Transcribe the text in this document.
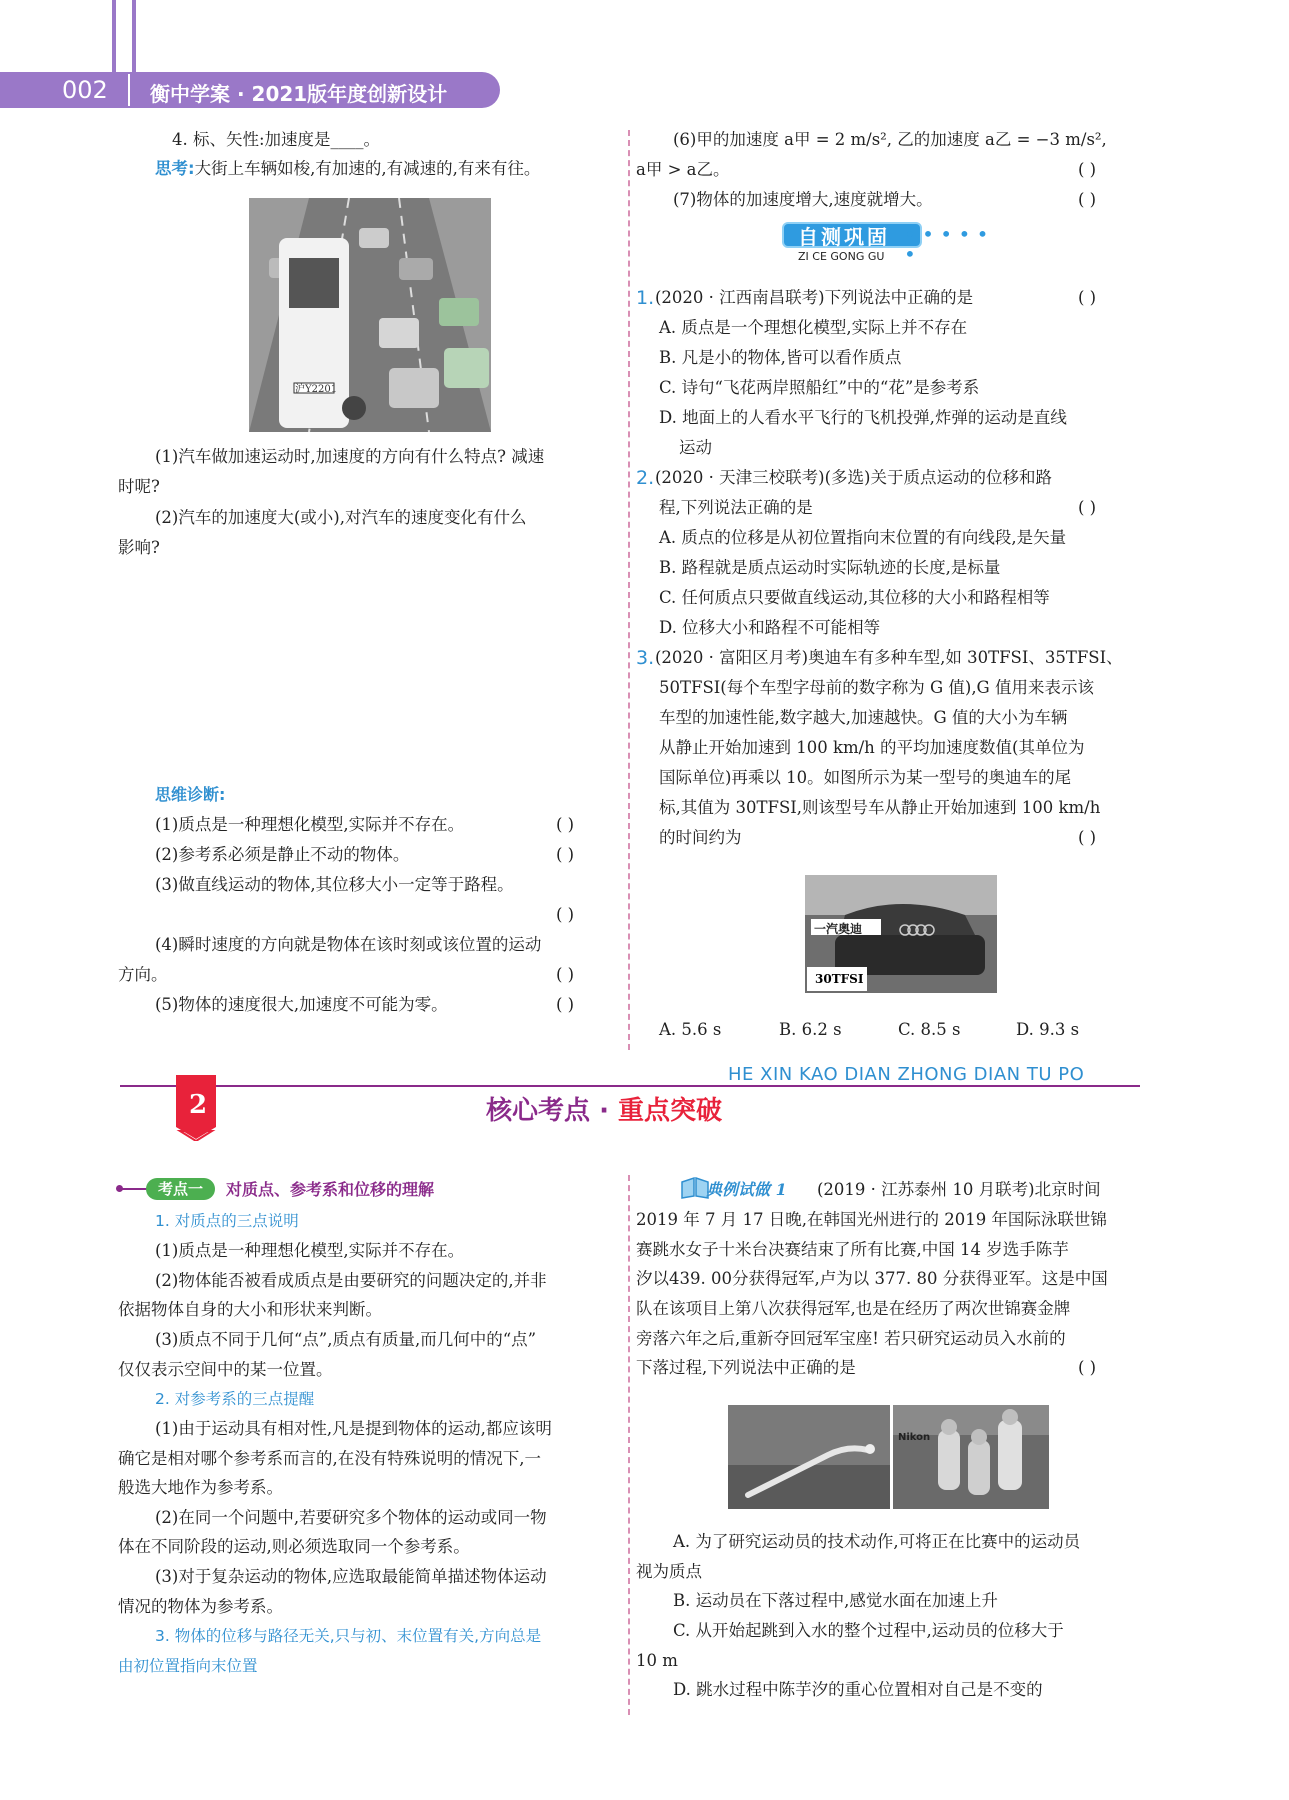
002 衡中学案 · 2021版年度创新设计
4. 标、矢性:加速度是____。
思考:大街上车辆如梭,有加速的,有减速的,有来有往。
沪Y2201
(1)汽车做加速运动时,加速度的方向有什么特点? 减速
时呢?
(2)汽车的加速度大(或小),对汽车的速度变化有什么
影响?
思维诊断:
(1)质点是一种理想化模型,实际并不存在。	( )
(2)参考系必须是静止不动的物体。	( )
(3)做直线运动的物体,其位移大小一定等于路程。
( )
(4)瞬时速度的方向就是物体在该时刻或该位置的运动
方向。	( )
(5)物体的速度很大,加速度不可能为零。	( )
(6)甲的加速度 a甲 = 2 m/s², 乙的加速度 a乙 = −3 m/s²,
a甲 > a乙。	( )
(7)物体的加速度增大,速度就增大。	( )
自测巩固 • • • • • •
ZI CE GONG GU
1. (2020 · 江西南昌联考)下列说法中正确的是	( )
A. 质点是一个理想化模型,实际上并不存在
B. 凡是小的物体,皆可以看作质点
C. 诗句“飞花两岸照船红”中的“花”是参考系
D. 地面上的人看水平飞行的飞机投弹,炸弹的运动是直线
运动
2. (2020 · 天津三校联考)(多选)关于质点运动的位移和路
程,下列说法正确的是	( )
A. 质点的位移是从初位置指向末位置的有向线段,是矢量
B. 路程就是质点运动时实际轨迹的长度,是标量
C. 任何质点只要做直线运动,其位移的大小和路程相等
D. 位移大小和路程不可能相等
3. (2020 · 富阳区月考)奥迪车有多种车型,如 30TFSI、35TFSI、
50TFSI(每个车型字母前的数字称为 G 值),G 值用来表示该
车型的加速性能,数字越大,加速越快。G 值的大小为车辆
从静止开始加速到 100 km/h 的平均加速度数值(其单位为
国际单位)再乘以 10。如图所示为某一型号的奥迪车的尾
标,其值为 30TFSI,则该型号车从静止开始加速到 100 km/h
的时间约为	( )
一汽奥迪
30TFSI
A. 5.6 s	B. 6.2 s	C. 8.5 s	D. 9.3 s
HE XIN KAO DIAN ZHONG DIAN TU PO
2	核心考点 · 重点突破
考点一	对质点、参考系和位移的理解
1. 对质点的三点说明
(1)质点是一种理想化模型,实际并不存在。
(2)物体能否被看成质点是由要研究的问题决定的,并非
依据物体自身的大小和形状来判断。
(3)质点不同于几何“点”,质点有质量,而几何中的“点”
仅仅表示空间中的某一位置。
2. 对参考系的三点提醒
(1)由于运动具有相对性,凡是提到物体的运动,都应该明
确它是相对哪个参考系而言的,在没有特殊说明的情况下,一
般选大地作为参考系。
(2)在同一个问题中,若要研究多个物体的运动或同一物
体在不同阶段的运动,则必须选取同一个参考系。
(3)对于复杂运动的物体,应选取最能简单描述物体运动
情况的物体为参考系。
3. 物体的位移与路径无关,只与初、末位置有关,方向总是
由初位置指向末位置
典例试做 1 (2019 · 江苏泰州 10 月联考)北京时间
2019 年 7 月 17 日晚,在韩国光州进行的 2019 年国际泳联世锦
赛跳水女子十米台决赛结束了所有比赛,中国 14 岁选手陈芋
汐以439. 00分获得冠军,卢为以 377. 80 分获得亚军。这是中国
队在该项目上第八次获得冠军,也是在经历了两次世锦赛金牌
旁落六年之后,重新夺回冠军宝座! 若只研究运动员入水前的
下落过程,下列说法中正确的是	( )
Nikon
A. 为了研究运动员的技术动作,可将正在比赛中的运动员
视为质点
B. 运动员在下落过程中,感觉水面在加速上升
C. 从开始起跳到入水的整个过程中,运动员的位移大于
10 m
D. 跳水过程中陈芋汐的重心位置相对自己是不变的
